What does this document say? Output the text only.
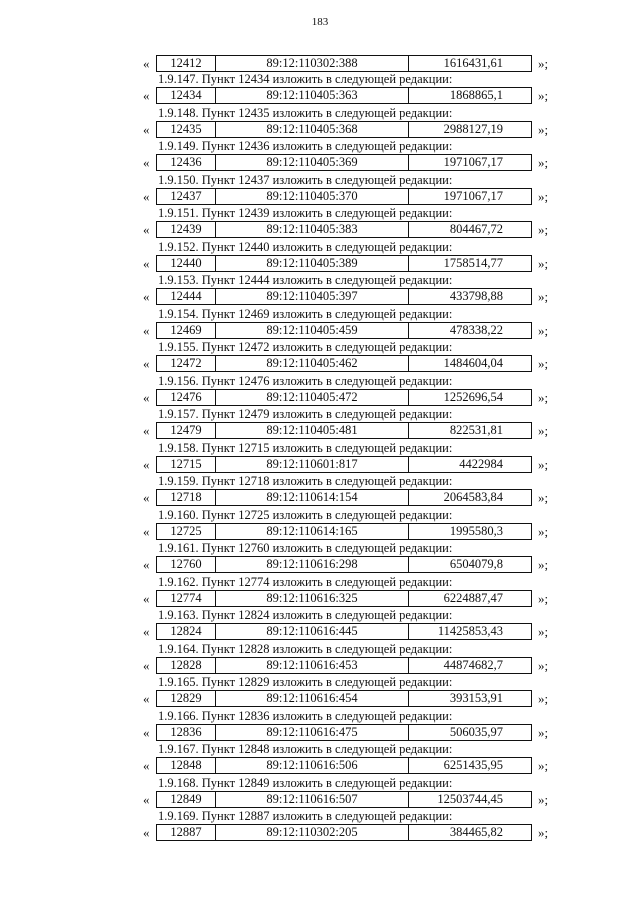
183
«	12412	89:12:110302:388	1616431,61	»;
1.9.147. Пункт 12434 изложить в следующей редакции:
«	12434	89:12:110405:363	1868865,1	»;
1.9.148. Пункт 12435 изложить в следующей редакции:
«	12435	89:12:110405:368	2988127,19	»;
1.9.149. Пункт 12436 изложить в следующей редакции:
«	12436	89:12:110405:369	1971067,17	»;
1.9.150. Пункт 12437 изложить в следующей редакции:
«	12437	89:12:110405:370	1971067,17	»;
1.9.151. Пункт 12439 изложить в следующей редакции:
«	12439	89:12:110405:383	804467,72	»;
1.9.152. Пункт 12440 изложить в следующей редакции:
«	12440	89:12:110405:389	1758514,77	»;
1.9.153. Пункт 12444 изложить в следующей редакции:
«	12444	89:12:110405:397	433798,88	»;
1.9.154. Пункт 12469 изложить в следующей редакции:
«	12469	89:12:110405:459	478338,22	»;
1.9.155. Пункт 12472 изложить в следующей редакции:
«	12472	89:12:110405:462	1484604,04	»;
1.9.156. Пункт 12476 изложить в следующей редакции:
«	12476	89:12:110405:472	1252696,54	»;
1.9.157. Пункт 12479 изложить в следующей редакции:
«	12479	89:12:110405:481	822531,81	»;
1.9.158. Пункт 12715 изложить в следующей редакции:
«	12715	89:12:110601:817	4422984	»;
1.9.159. Пункт 12718 изложить в следующей редакции:
«	12718	89:12:110614:154	2064583,84	»;
1.9.160. Пункт 12725 изложить в следующей редакции:
«	12725	89:12:110614:165	1995580,3	»;
1.9.161. Пункт 12760 изложить в следующей редакции:
«	12760	89:12:110616:298	6504079,8	»;
1.9.162. Пункт 12774 изложить в следующей редакции:
«	12774	89:12:110616:325	6224887,47	»;
1.9.163. Пункт 12824 изложить в следующей редакции:
«	12824	89:12:110616:445	11425853,43	»;
1.9.164. Пункт 12828 изложить в следующей редакции:
«	12828	89:12:110616:453	44874682,7	»;
1.9.165. Пункт 12829 изложить в следующей редакции:
«	12829	89:12:110616:454	393153,91	»;
1.9.166. Пункт 12836 изложить в следующей редакции:
«	12836	89:12:110616:475	506035,97	»;
1.9.167. Пункт 12848 изложить в следующей редакции:
«	12848	89:12:110616:506	6251435,95	»;
1.9.168. Пункт 12849 изложить в следующей редакции:
«	12849	89:12:110616:507	12503744,45	»;
1.9.169. Пункт 12887 изложить в следующей редакции:
«	12887	89:12:110302:205	384465,82	»;
